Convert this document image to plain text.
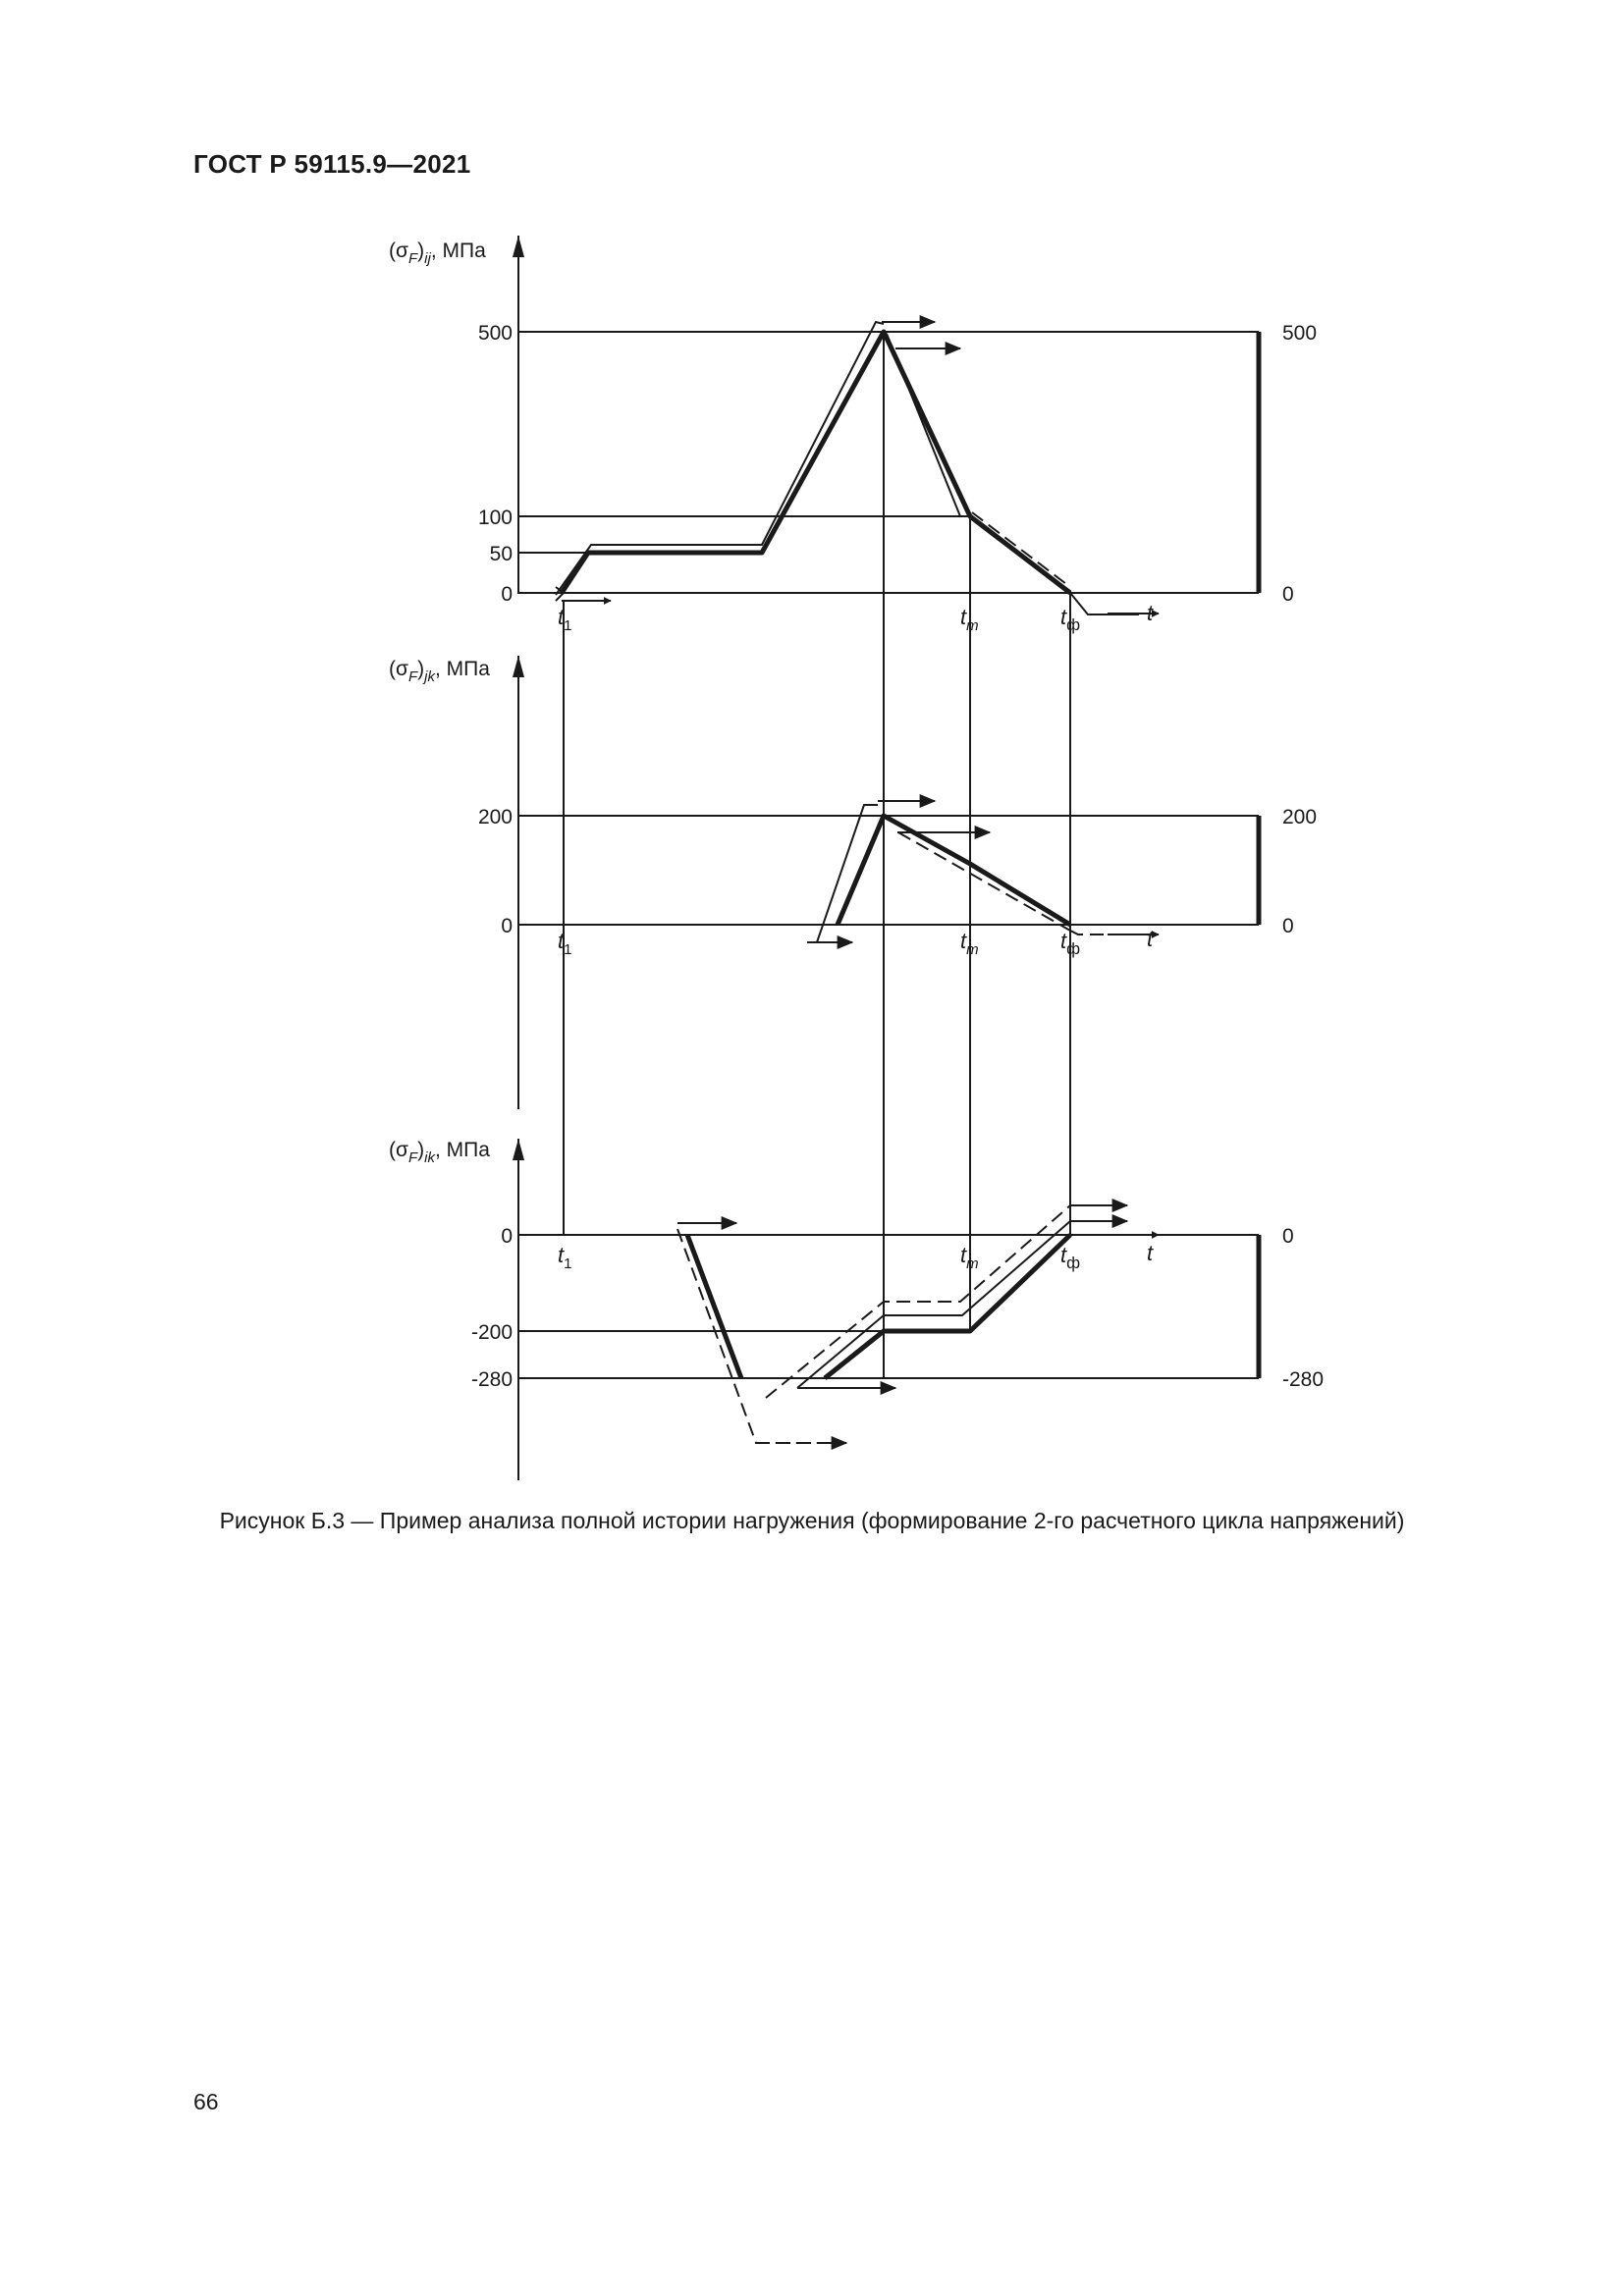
ГОСТ Р 59115.9—2021
$(\sigma_F)_{ij}$, МПа
500
100
50
0
500
0
$t_1$	$t_m$	$t_ф$	t
$(\sigma_F)_{jk}$, МПа
200
0
200
0
$t_1$	$t_m$	$t_ф$	t
$(\sigma_F)_{ik}$, МПа
0
-200
-280
0
-280
$t_1$	$t_m$	$t_ф$	t
Рисунок Б.3 — Пример анализа полной истории нагружения (формирование 2-го расчетного цикла напряжений)
66
